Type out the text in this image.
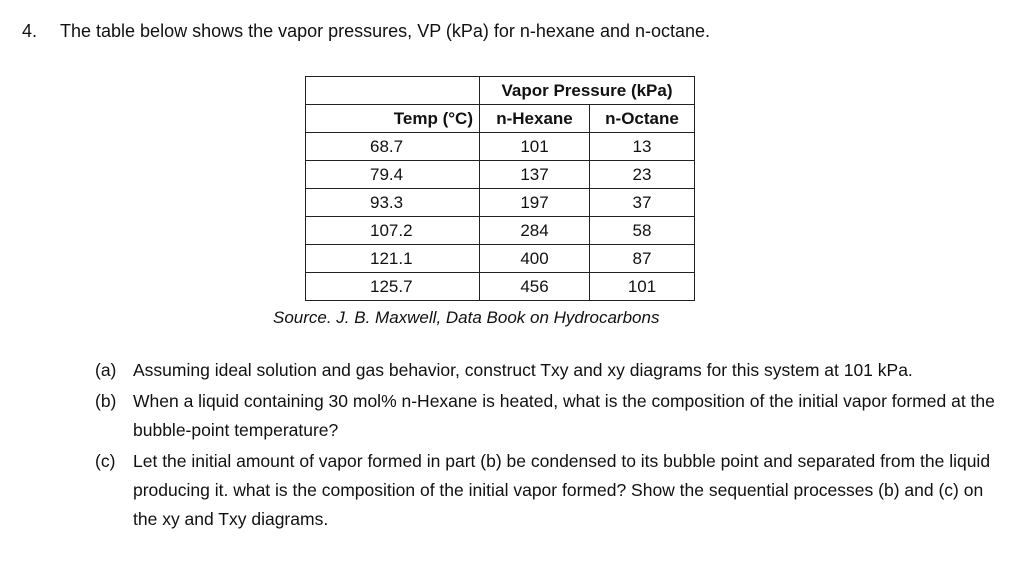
4. The table below shows the vapor pressures, VP (kPa) for n-hexane and n-octane.
	Vapor Pressure (kPa)	
Temp (°C)	n-Hexane	n-Octane
68.7	101	13
79.4	137	23
93.3	197	37
107.2	284	58
121.1	400	87
125.7	456	101
Source. J. B. Maxwell, Data Book on Hydrocarbons
(a) Assuming ideal solution and gas behavior, construct Txy and xy diagrams for this system at 101 kPa.
(b) When a liquid containing 30 mol% n-Hexane is heated, what is the composition of the initial vapor formed at the bubble-point temperature?
(c)	Let the initial amount of vapor formed in part (b) be condensed to its bubble point and separated from the liquid producing it. what is the composition of the initial vapor formed? Show the sequential processes (b) and (c) on the xy and Txy diagrams.
